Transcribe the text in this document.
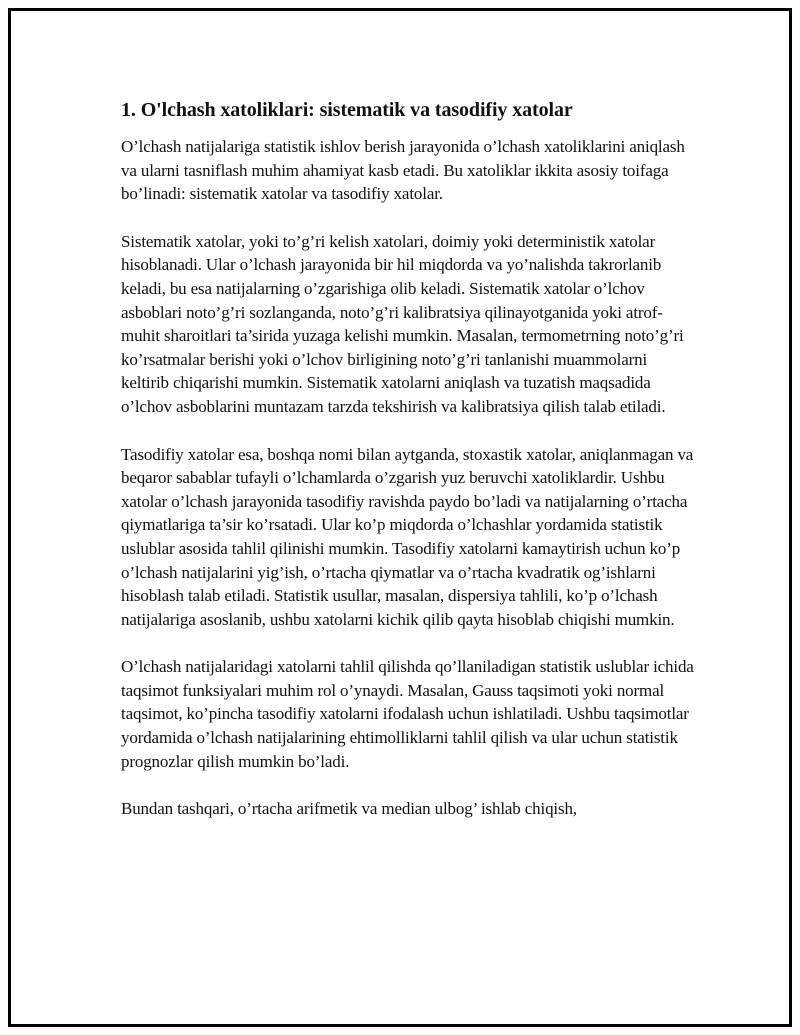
1. O'lchash xatoliklari: sistematik va tasodifiy xatolar

O’lchash natijalariga statistik ishlov berish jarayonida o’lchash xatoliklarini aniqlash va ularni tasniflash muhim ahamiyat kasb etadi. Bu xatoliklar ikkita asosiy toifaga bo’linadi: sistematik xatolar va tasodifiy xatolar.

Sistematik xatolar, yoki to’g’ri kelish xatolari, doimiy yoki deterministik xatolar hisoblanadi. Ular o’lchash jarayonida bir hil miqdorda va yo’nalishda takrorlanib keladi, bu esa natijalarning o’zgarishiga olib keladi. Sistematik xatolar o’lchov asboblari noto’g’ri sozlanganda, noto’g’ri kalibratsiya qilinayotganida yoki atrof-muhit sharoitlari ta’sirida yuzaga kelishi mumkin. Masalan, termometrning noto’g’ri ko’rsatmalar berishi yoki o’lchov birligining noto’g’ri tanlanishi muammolarni keltirib chiqarishi mumkin. Sistematik xatolarni aniqlash va tuzatish maqsadida o’lchov asboblarini muntazam tarzda tekshirish va kalibratsiya qilish talab etiladi.

Tasodifiy xatolar esa, boshqa nomi bilan aytganda, stoxastik xatolar, aniqlanmagan va beqaror sabablar tufayli o’lchamlarda o’zgarish yuz beruvchi xatoliklardir. Ushbu xatolar o’lchash jarayonida tasodifiy ravishda paydo bo’ladi va natijalarning o’rtacha qiymatlariga ta’sir ko’rsatadi. Ular ko’p miqdorda o’lchashlar yordamida statistik uslublar asosida tahlil qilinishi mumkin. Tasodifiy xatolarni kamaytirish uchun ko’p o’lchash natijalarini yig’ish, o’rtacha qiymatlar va o’rtacha kvadratik og’ishlarni hisoblash talab etiladi. Statistik usullar, masalan, dispersiya tahlili, ko’p o’lchash natijalariga asoslanib, ushbu xatolarni kichik qilib qayta hisoblab chiqishi mumkin.

O’lchash natijalaridagi xatolarni tahlil qilishda qo’llaniladigan statistik uslublar ichida taqsimot funksiyalari muhim rol o’ynaydi. Masalan, Gauss taqsimoti yoki normal taqsimot, ko’pincha tasodifiy xatolarni ifodalash uchun ishlatiladi. Ushbu taqsimotlar yordamida o’lchash natijalarining ehtimolliklarni tahlil qilish va ular uchun statistik prognozlar qilish mumkin bo’ladi.

Bundan tashqari, o’rtacha arifmetik va median ulbog’ ishlab chiqish,
